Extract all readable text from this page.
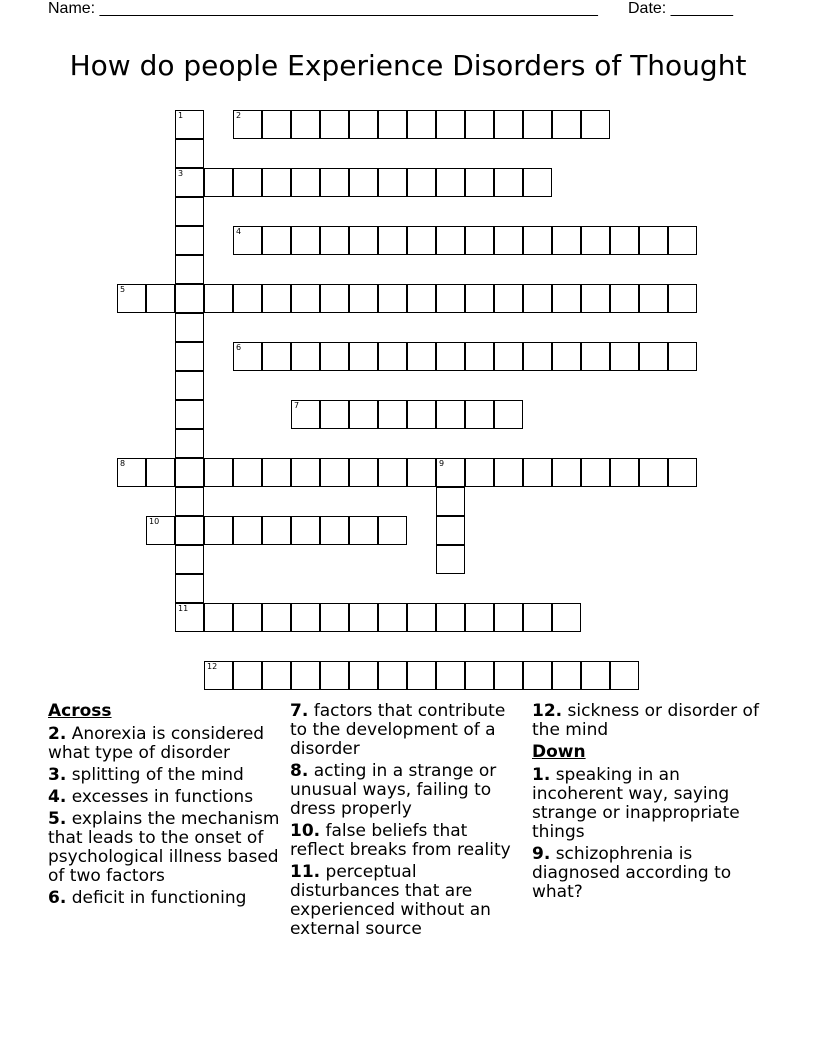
Name: ________________________________________________________ Date: _______
How do people Experience Disorders of Thought
1
3
2
4
5
6
7
8	9
10
11
12
Across
2. Anorexia is considered what type of disorder
3. splitting of the mind
4. excesses in functions
5. explains the mechanism that leads to the onset of psychological illness based of two factors
6. deficit in functioning
7. factors that contribute to the development of a disorder
8. acting in a strange or unusual ways, failing to dress properly
10. false beliefs that reflect breaks from reality
11. perceptual disturbances that are experienced without an external source
12. sickness or disorder of the mind
Down
1. speaking in an incoherent way, saying strange or inappropriate things
9. schizophrenia is diagnosed according to what?
